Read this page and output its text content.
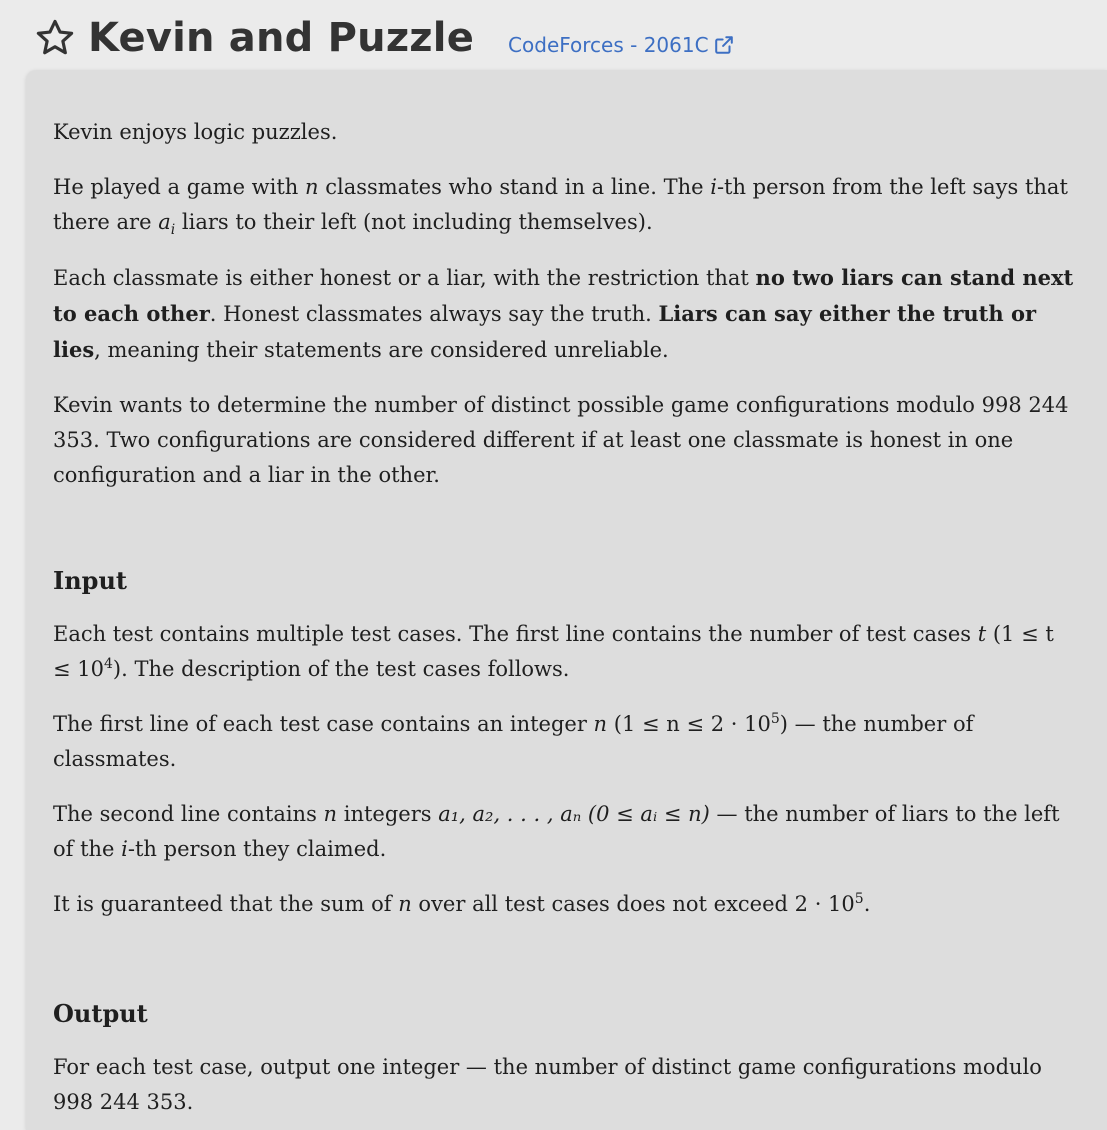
Kevin and Puzzle CodeForces - 2061C

Kevin enjoys logic puzzles.

He played a game with n classmates who stand in a line. The i-th person from the left says that there are $a_i$ liars to their left (not including themselves).

Each classmate is either honest or a liar, with the restriction that no two liars can stand next to each other. Honest classmates always say the truth. Liars can say either the truth or lies, meaning their statements are considered unreliable.

Kevin wants to determine the number of distinct possible game configurations modulo 998 244 353. Two configurations are considered different if at least one classmate is honest in one configuration and a liar in the other.

Input

Each test contains multiple test cases. The first line contains the number of test cases t $(1 \le t \le 10^4)$. The description of the test cases follows.

The first line of each test case contains an integer n $(1 \le n \le 2 \cdot 10^5)$ — the number of classmates.

The second line contains n integers a₁, a₂, . . . , aₙ (0 ≤ aᵢ ≤ n) — the number of liars to the left of the i-th person they claimed.

It is guaranteed that the sum of n over all test cases does not exceed $2 \cdot 10^5$.

Output

For each test case, output one integer — the number of distinct game configurations modulo 998 244 353.
